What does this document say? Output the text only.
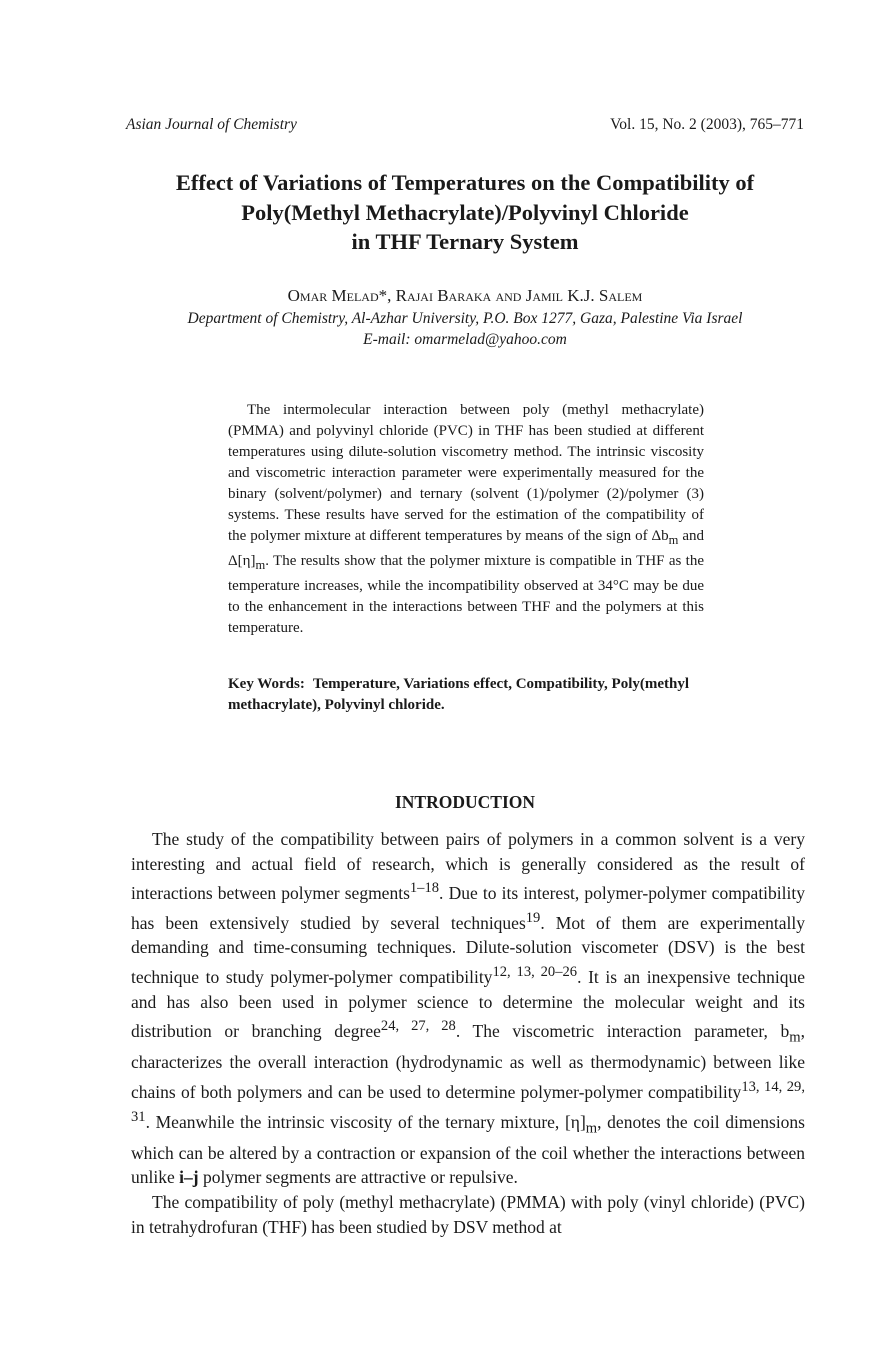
Asian Journal of Chemistry	Vol. 15, No. 2 (2003), 765–771
Effect of Variations of Temperatures on the Compatibility of
Poly(Methyl Methacrylate)/Polyvinyl Chloride
in THF Ternary System
Omar Melad*, Rajai Baraka and Jamil K.J. Salem
Department of Chemistry, Al-Azhar University, P.O. Box 1277, Gaza, Palestine Via Israel
E-mail: omarmelad@yahoo.com

The intermolecular interaction between poly (methyl methacrylate) (PMMA) and polyvinyl chloride (PVC) in THF has been studied at different temperatures using dilute-solution viscometry method. The intrinsic viscosity and viscometric interaction parameter were experimentally measured for the binary (solvent/polymer) and ternary (solvent (1)/polymer (2)/polymer (3) systems. These results have served for the estimation of the compatibility of the polymer mixture at different temperatures by means of the sign of $\Delta b_m$ and $\Delta[\eta]_m$. The results show that the polymer mixture is compatible in THF as the temperature increases, while the incompatibility observed at 34°C may be due to the enhancement in the interactions between THF and the polymers at this temperature.

Key Words: Temperature, Variations effect, Compatibility, Poly(methyl methacrylate), Polyvinyl chloride.

INTRODUCTION

The study of the compatibility between pairs of polymers in a common solvent is a very interesting and actual field of research, which is generally considered as the result of interactions between polymer segments$^{1-18}$. Due to its interest, polymer-polymer compatibility has been extensively studied by several techniques$^{19}$. Mot of them are experimentally demanding and time-consuming techniques. Dilute-solution viscometer (DSV) is the best technique to study polymer-polymer compatibility$^{12, 13, 20-26}$. It is an inexpensive technique and has also been used in polymer science to determine the molecular weight and its distribution or branching degree$^{24, 27, 28}$. The viscometric interaction parameter, $b_m$, characterizes the overall interaction (hydrodynamic as well as thermodynamic) between like chains of both polymers and can be used to determine polymer-polymer compatibility$^{13, 14, 29, 31}$. Meanwhile the intrinsic viscosity of the ternary mixture, $[\eta]_m$, denotes the coil dimensions which can be altered by a contraction or expansion of the coil whether the interactions between unlike i–j polymer segments are attractive or repulsive.

The compatibility of poly (methyl methacrylate) (PMMA) with poly (vinyl chloride) (PVC) in tetrahydrofuran (THF) has been studied by DSV method at
